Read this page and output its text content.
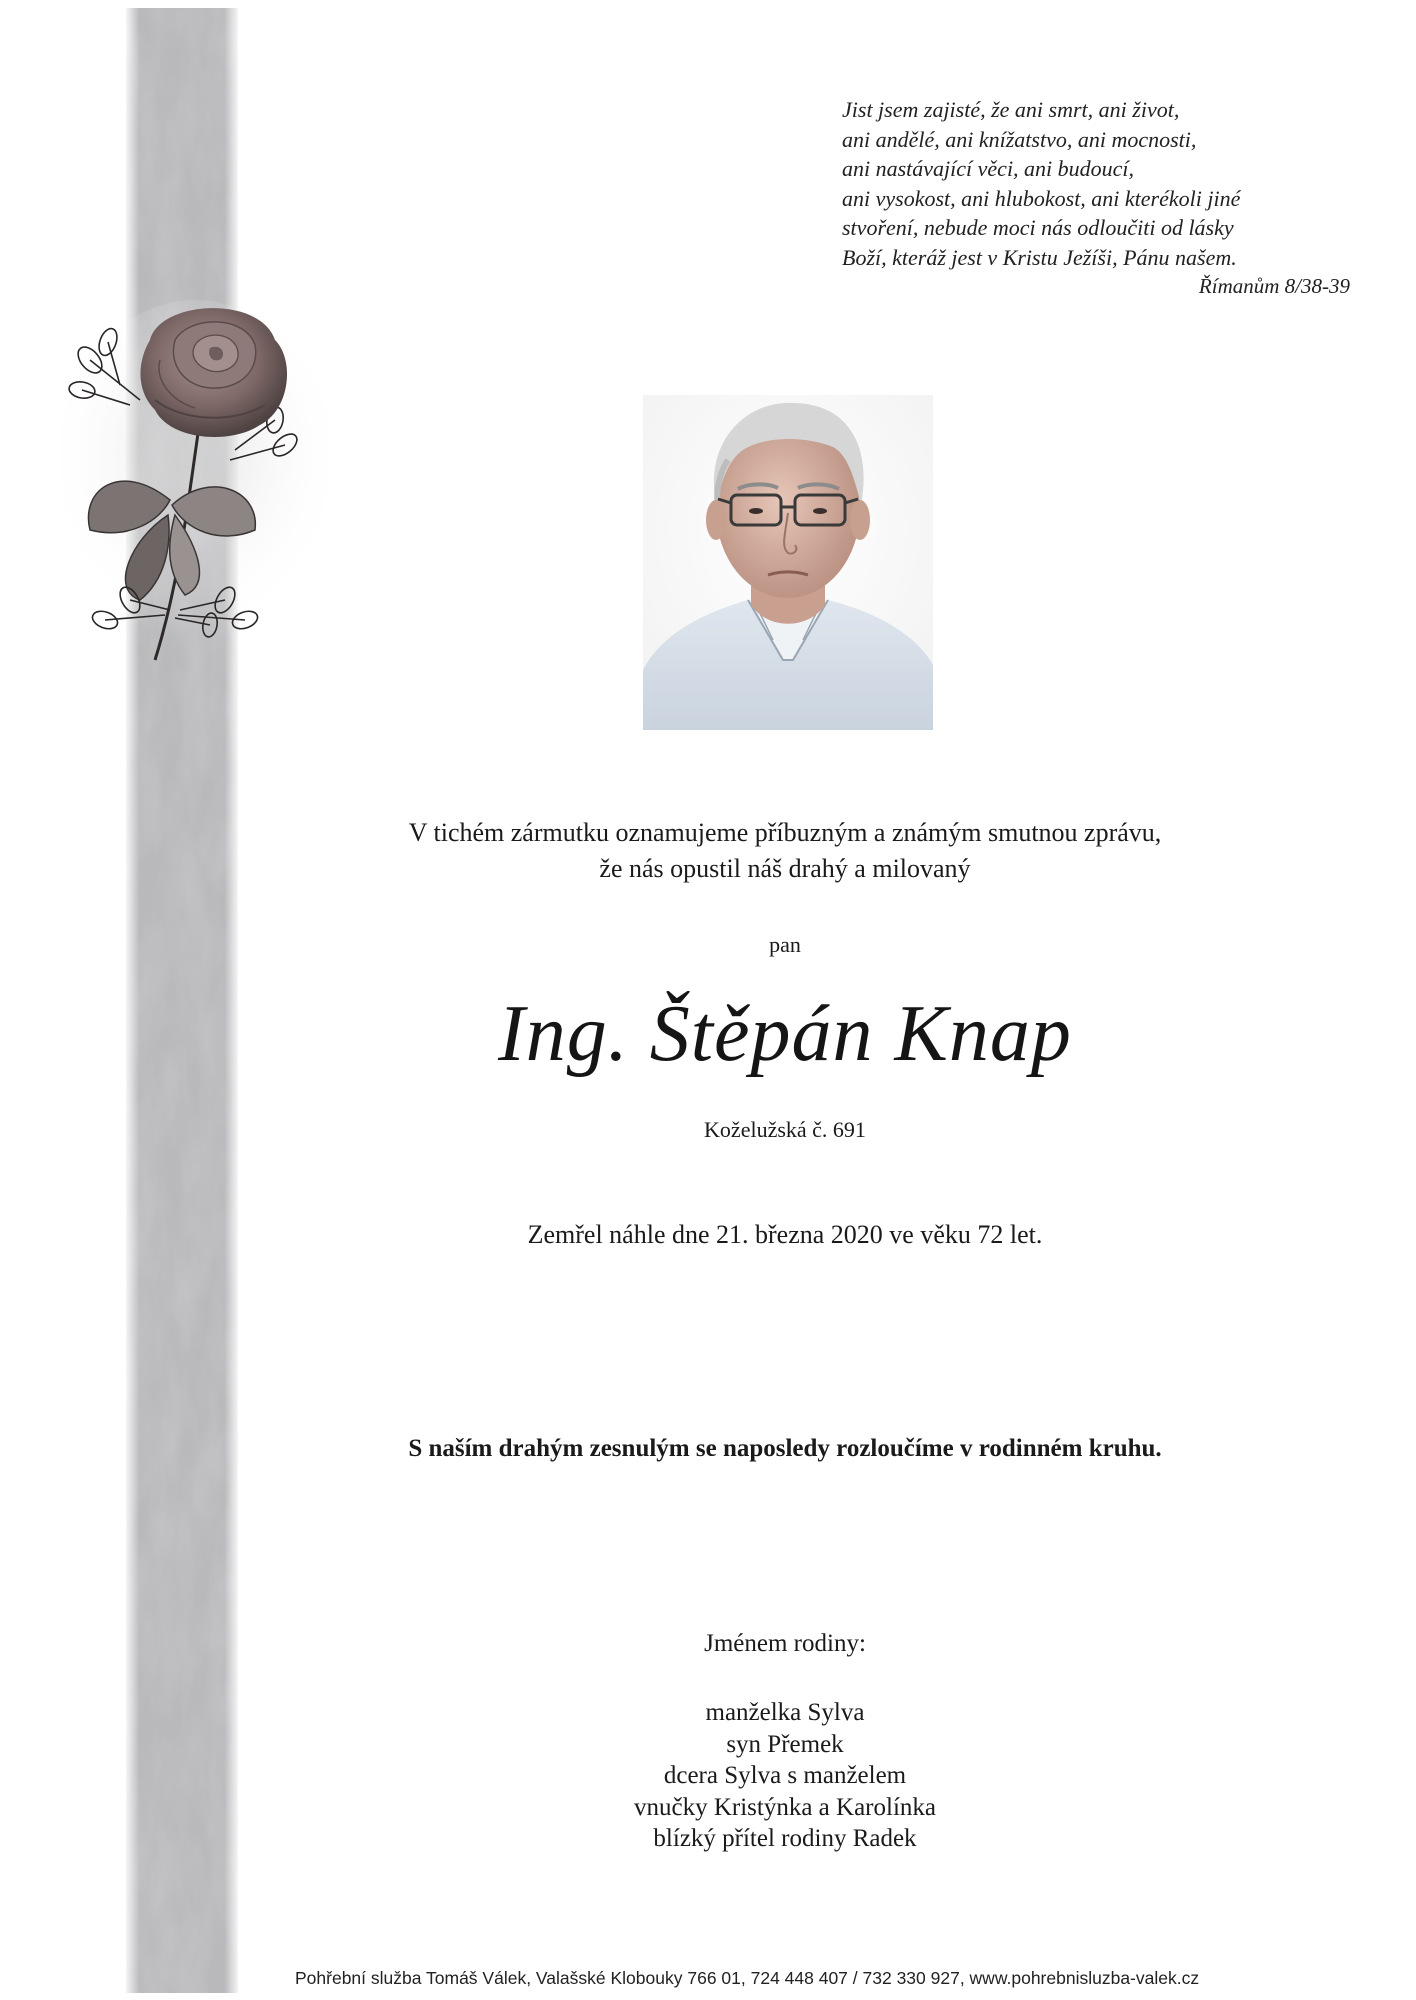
Jist jsem zajisté, že ani smrt, ani život,
ani andělé, ani knížatstvo, ani mocnosti,
ani nastávající věci, ani budoucí,
ani vysokost, ani hlubokost, ani kterékoli jiné
stvoření, nebude moci nás odloučiti od lásky
Boží, kteráž jest v Kristu Ježíši, Pánu našem.
Římanům 8/38-39
V tichém zármutku oznamujeme příbuzným a známým smutnou zprávu,
že nás opustil náš drahý a milovaný
pan
Ing. Štěpán Knap
Koželužská č. 691
Zemřel náhle dne 21. března 2020 ve věku 72 let.
S naším drahým zesnulým se naposledy rozloučíme v rodinném kruhu.
Jménem rodiny:
manželka Sylva
syn Přemek
dcera Sylva s manželem
vnučky Kristýnka a Karolínka
blízký přítel rodiny Radek
Pohřební služba Tomáš Válek, Valašské Klobouky 766 01, 724 448 407 / 732 330 927, www.pohrebnisluzba-valek.cz
